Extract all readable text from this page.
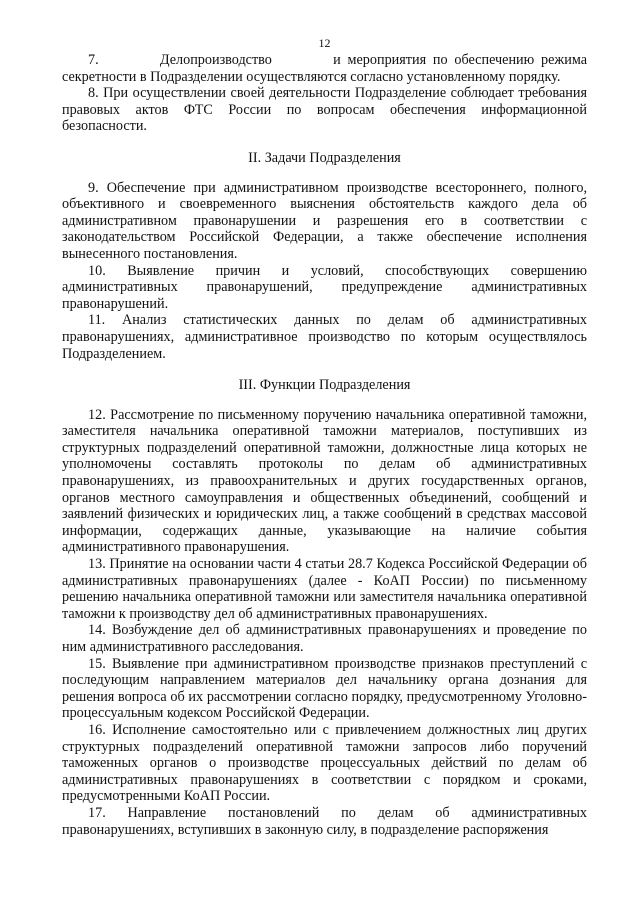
12

7.         Делопроизводство         и мероприятия по обеспечению режима секретности в Подразделении осуществляются согласно установленному порядку.

8. При осуществлении своей деятельности Подразделение соблюдает требования правовых актов ФТС России по вопросам обеспечения информационной безопасности.

II. Задачи Подразделения

9. Обеспечение при административном производстве всестороннего, полного, объективного и своевременного выяснения обстоятельств каждого дела об административном правонарушении и разрешения его в соответствии с законодательством Российской Федерации, а также обеспечение исполнения вынесенного постановления.

10. Выявление причин и условий, способствующих совершению административных правонарушений, предупреждение административных правонарушений.

11. Анализ статистических данных по делам об административных правонарушениях, административное производство по которым осуществлялось Подразделением.

III. Функции Подразделения

12. Рассмотрение по письменному поручению начальника оперативной таможни, заместителя начальника оперативной таможни материалов, поступивших из структурных подразделений оперативной таможни, должностные лица которых не уполномочены составлять протоколы по делам об административных правонарушениях, из правоохранительных и других государственных органов, органов местного самоуправления и общественных объединений, сообщений и заявлений физических и юридических лиц, а также сообщений в средствах массовой информации, содержащих данные, указывающие на наличие события административного правонарушения.

13. Принятие на основании части 4 статьи 28.7 Кодекса Российской Федерации об административных правонарушениях (далее - КоАП России) по письменному решению начальника оперативной таможни или заместителя начальника оперативной таможни к производству дел об административных правонарушениях.

14. Возбуждение дел об административных правонарушениях и проведение по ним административного расследования.

15. Выявление при административном производстве признаков преступлений с последующим направлением материалов дел начальнику органа дознания для решения вопроса об их рассмотрении согласно порядку, предусмотренному Уголовно-процессуальным кодексом Российской Федерации.

16. Исполнение самостоятельно или с привлечением должностных лиц других структурных подразделений оперативной таможни запросов либо поручений таможенных органов о производстве процессуальных действий по делам об административных правонарушениях в соответствии с порядком и сроками, предусмотренными КоАП России.

17. Направление постановлений по делам об административных правонарушениях, вступивших в законную силу, в подразделение распоряжения
